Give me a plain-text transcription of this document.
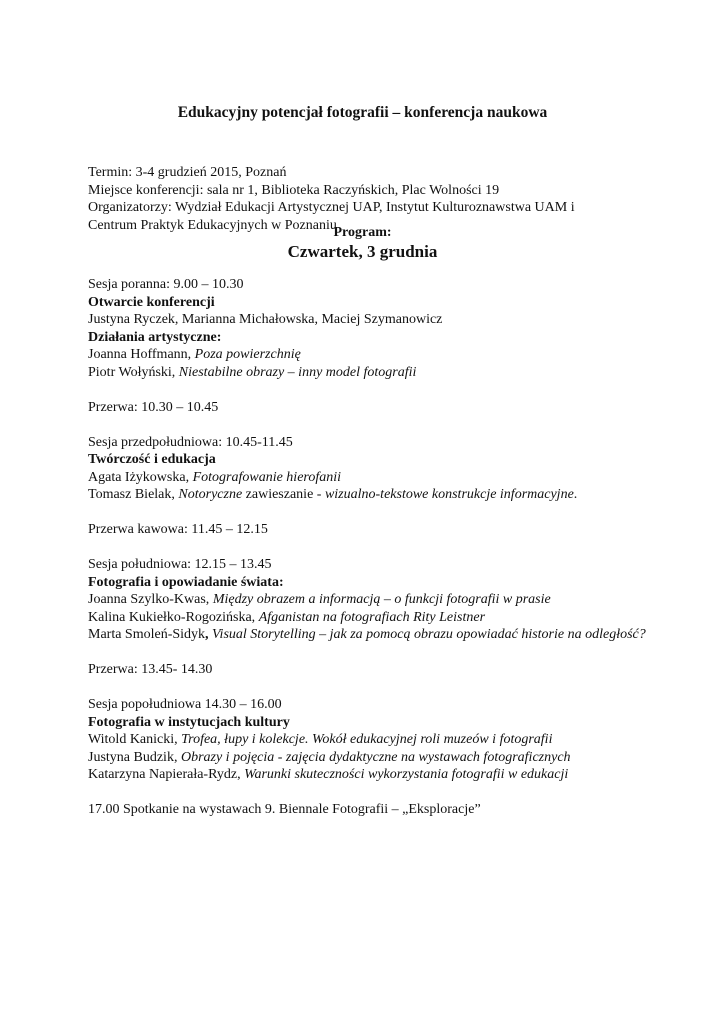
Edukacyjny potencjał fotografii – konferencja naukowa
Termin: 3-4 grudzień 2015, Poznań
Miejsce konferencji: sala nr 1, Biblioteka Raczyńskich, Plac Wolności 19
Organizatorzy: Wydział Edukacji Artystycznej UAP, Instytut Kulturoznawstwa UAM i
Centrum Praktyk Edukacyjnych w Poznaniu
Program:
Czwartek, 3 grudnia
Sesja poranna: 9.00 – 10.30
Otwarcie konferencji
Justyna Ryczek, Marianna Michałowska, Maciej Szymanowicz
Działania artystyczne:
Joanna Hoffmann, Poza powierzchnię
Piotr Wołyński, Niestabilne obrazy – inny model fotografii
Przerwa: 10.30 – 10.45
Sesja przedpołudniowa: 10.45-11.45
Twórczość i edukacja
Agata Iżykowska, Fotografowanie hierofanii
Tomasz Bielak, Notoryczne zawieszanie - wizualno-tekstowe konstrukcje informacyjne.
Przerwa kawowa: 11.45 – 12.15
Sesja południowa: 12.15 – 13.45
Fotografia i opowiadanie świata:
Joanna Szylko-Kwas, Między obrazem a informacją – o funkcji fotografii w prasie
Kalina Kukiełko-Rogozińska, Afganistan na fotografiach Rity Leistner
Marta Smoleń-Sidyk, Visual Storytelling – jak za pomocą obrazu opowiadać historie na odległość?
Przerwa: 13.45- 14.30
Sesja popołudniowa 14.30 – 16.00
Fotografia w instytucjach kultury
Witold Kanicki, Trofea, łupy i kolekcje. Wokół edukacyjnej roli muzeów i fotografii
Justyna Budzik, Obrazy i pojęcia - zajęcia dydaktyczne na wystawach fotograficznych
Katarzyna Napierała-Rydz, Warunki skuteczności wykorzystania fotografii w edukacji
17.00 Spotkanie na wystawach 9. Biennale Fotografii – „Eksploracje”
